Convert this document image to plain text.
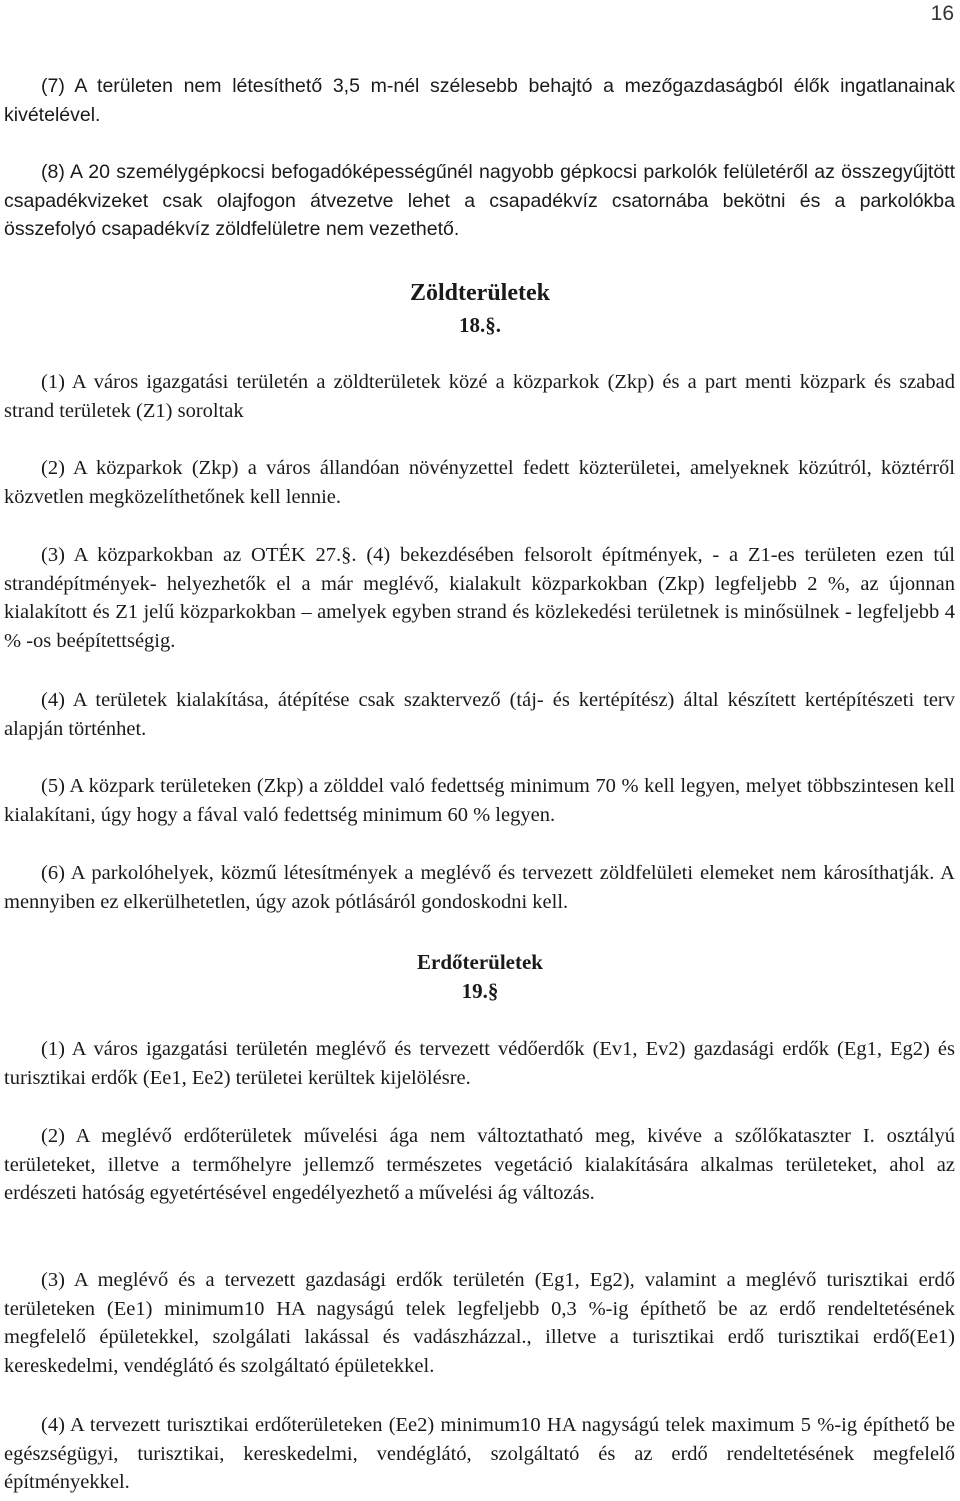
16

(7) A területen nem létesíthető 3,5 m-nél szélesebb behajtó a mezőgazdaságból élők ingatlanainak kivételével.

(8) A 20 személygépkocsi befogadóképességűnél nagyobb gépkocsi parkolók felületéről az összegyűjtött csapadékvizeket csak olajfogon átvezetve lehet a csapadékvíz csatornába bekötni és a parkolókba összefolyó csapadékvíz zöldfelületre nem vezethető.

Zöldterületek
18.§.

(1) A város igazgatási területén a zöldterületek közé a közparkok (Zkp) és a part menti közpark és szabad strand területek (Z1) soroltak

(2) A közparkok (Zkp) a város állandóan növényzettel fedett közterületei, amelyeknek közútról, köztérről közvetlen megközelíthetőnek kell lennie.

(3) A közparkokban az OTÉK 27.§. (4) bekezdésében felsorolt építmények, - a Z1-es területen ezen túl strandépítmények- helyezhetők el a már meglévő, kialakult közparkokban (Zkp) legfeljebb 2 %, az újonnan kialakított és Z1 jelű közparkokban – amelyek egyben strand és közlekedési területnek is minősülnek - legfeljebb 4 % -os beépítettségig.

(4) A területek kialakítása, átépítése csak szaktervező (táj- és kertépítész) által készített kertépítészeti terv alapján történhet.

(5) A közpark területeken (Zkp) a zölddel való fedettség minimum 70 % kell legyen, melyet többszintesen kell kialakítani, úgy hogy a fával való fedettség minimum 60 % legyen.

(6) A parkolóhelyek, közmű létesítmények a meglévő és tervezett zöldfelületi elemeket nem károsíthatják. A mennyiben ez elkerülhetetlen, úgy azok pótlásáról gondoskodni kell.

Erdőterületek
19.§

(1) A város igazgatási területén meglévő és tervezett védőerdők (Ev1, Ev2) gazdasági erdők (Eg1, Eg2) és turisztikai erdők (Ee1, Ee2) területei kerültek kijelölésre.

(2) A meglévő erdőterületek művelési ága nem változtatható meg, kivéve a szőlőkataszter I. osztályú területeket, illetve a termőhelyre jellemző természetes vegetáció kialakítására alkalmas területeket, ahol az erdészeti hatóság egyetértésével engedélyezhető a művelési ág változás.

(3) A meglévő és a tervezett gazdasági erdők területén (Eg1, Eg2), valamint a meglévő turisztikai erdő területeken (Ee1) minimum10 HA nagyságú telek legfeljebb 0,3 %-ig építhető be az erdő rendeltetésének megfelelő épületekkel, szolgálati lakással és vadászházzal., illetve a turisztikai erdő turisztikai erdő(Ee1) kereskedelmi, vendéglátó és szolgáltató épületekkel.

(4) A tervezett turisztikai erdőterületeken (Ee2) minimum10 HA nagyságú telek maximum 5 %-ig építhető be egészségügyi, turisztikai, kereskedelmi, vendéglátó, szolgáltató és az erdő rendeltetésének megfelelő építményekkel.
